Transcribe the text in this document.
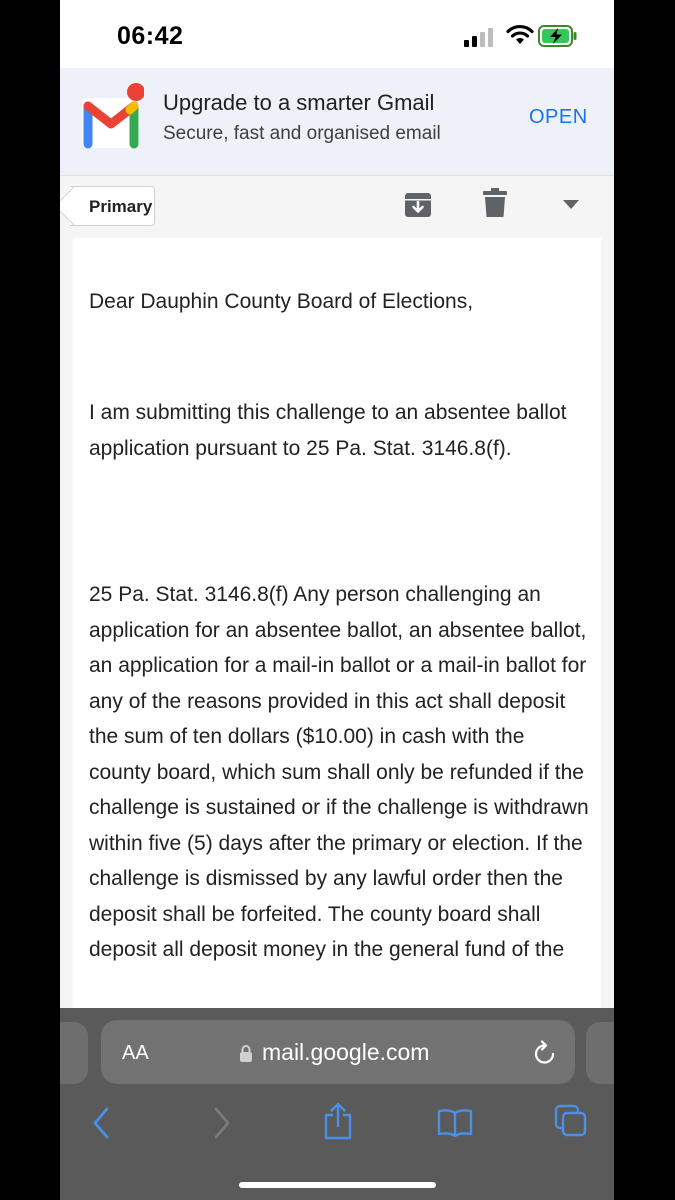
06:42
Upgrade to a smarter Gmail
Secure, fast and organised email
OPEN
Primary
Dear Dauphin County Board of Elections,
I am submitting this challenge to an absentee ballot application pursuant to 25 Pa. Stat. 3146.8(f).
25 Pa. Stat. 3146.8(f) Any person challenging an application for an absentee ballot, an absentee ballot, an application for a mail-in ballot or a mail-in ballot for any of the reasons provided in this act shall deposit the sum of ten dollars ($10.00) in cash with the county board, which sum shall only be refunded if the challenge is sustained or if the challenge is withdrawn within five (5) days after the primary or election. If the challenge is dismissed by any lawful order then the deposit shall be forfeited. The county board shall deposit all deposit money in the general fund of the
AA	mail.google.com
